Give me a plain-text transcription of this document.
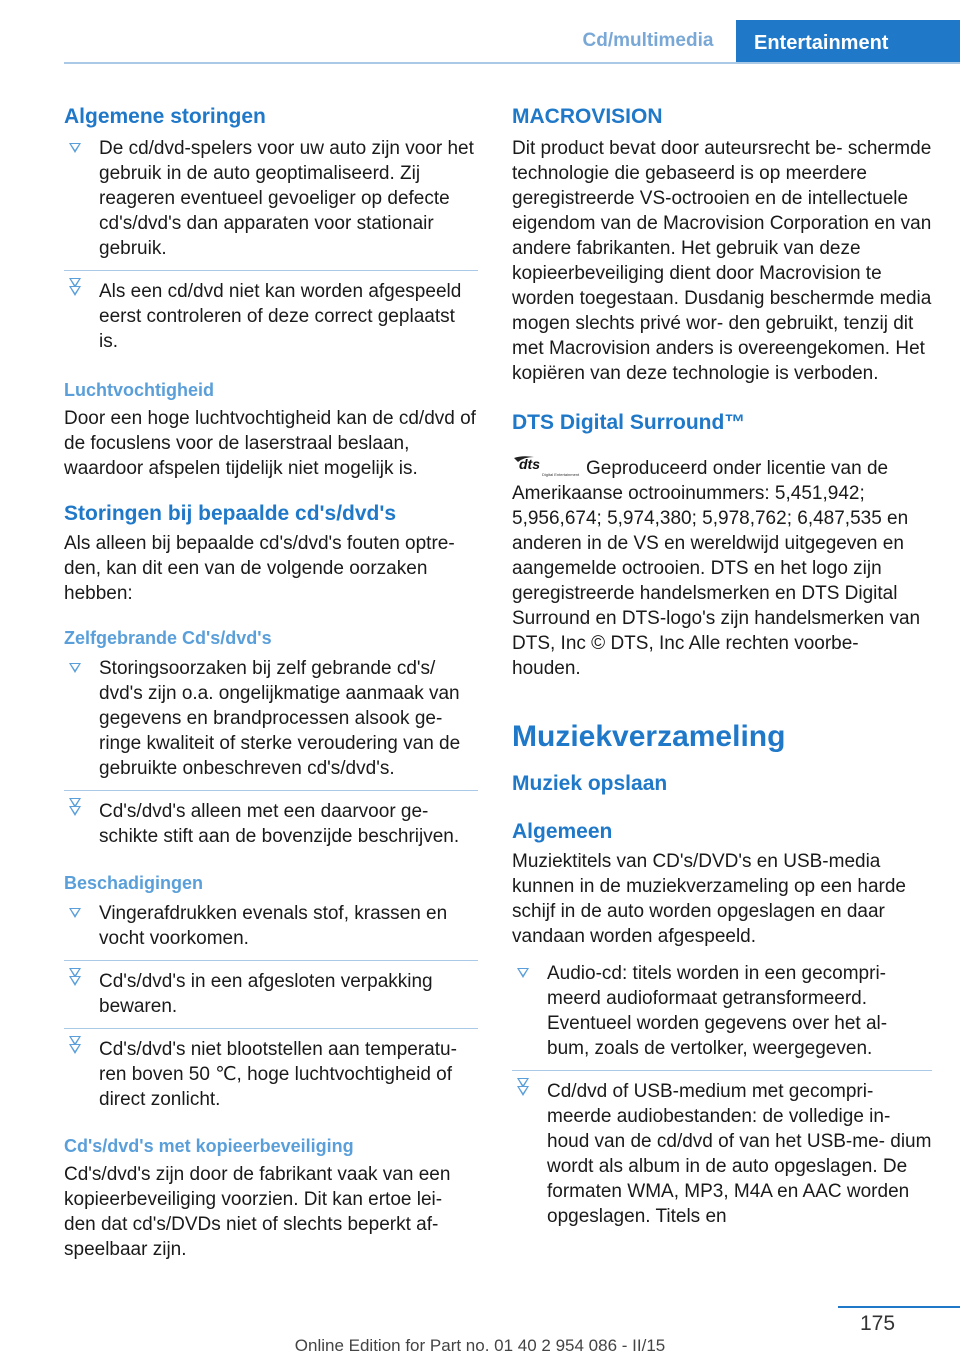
Cd/multimedia	Entertainment
Algemene storingen
De cd/dvd-spelers voor uw auto zijn voor het gebruik in de auto geoptimaliseerd. Zij reageren eventueel gevoeliger op defecte cd's/dvd's dan apparaten voor stationair gebruik.
Als een cd/dvd niet kan worden afgespeeld eerst controleren of deze correct geplaatst is.
Luchtvochtigheid

Door een hoge luchtvochtigheid kan de cd/dvd of de focuslens voor de laserstraal beslaan, waardoor afspelen tijdelijk niet mogelijk is.

Storingen bij bepaalde cd's/dvd's

Als alleen bij bepaalde cd's/dvd's fouten optre- den, kan dit een van de volgende oorzaken hebben:

Zelfgebrande Cd's/dvd's
Storingsoorzaken bij zelf gebrande cd's/ dvd's zijn o.a. ongelijkmatige aanmaak van gegevens en brandprocessen alsook ge- ringe kwaliteit of sterke veroudering van de gebruikte onbeschreven cd's/dvd's.
Cd's/dvd's alleen met een daarvoor ge- schikte stift aan de bovenzijde beschrijven.
Beschadigingen
Vingerafdrukken evenals stof, krassen en vocht voorkomen.
Cd's/dvd's in een afgesloten verpakking bewaren.
Cd's/dvd's niet blootstellen aan temperatu- ren boven 50 ℃, hoge luchtvochtigheid of direct zonlicht.
Cd's/dvd's met kopieerbeveiliging

Cd's/dvd's zijn door de fabrikant vaak van een kopieerbeveiliging voorzien. Dit kan ertoe lei- den dat cd's/DVDs niet of slechts beperkt af- speelbaar zijn.

MACROVISION

Dit product bevat door auteursrecht be- schermde technologie die gebaseerd is op meerdere geregistreerde VS-octrooien en de intellectuele eigendom van de Macrovision Corporation en van andere fabrikanten. Het gebruik van deze kopieerbeveiliging dient door Macrovision te worden toegestaan. Dusdanig beschermde media mogen slechts privé wor- den gebruikt, tenzij dit met Macrovision anders is overeengekomen. Het kopiëren van deze technologie is verboden.

DTS Digital Surround™

dts
Digital Entertainment Geproduceerd onder licentie van de Amerikaanse octrooinummers: 5,451,942; 5,956,674; 5,974,380; 5,978,762; 6,487,535 en anderen in de VS en wereldwijd uitgegeven en aangemelde octrooien. DTS en het logo zijn geregistreerde handelsmerken en DTS Digital Surround en DTS-logo's zijn handelsmerken van DTS, Inc © DTS, Inc Alle rechten voorbe- houden.

Muziekverzameling
Muziek opslaan
Algemeen

Muziektitels van CD's/DVD's en USB-media kunnen in de muziekverzameling op een harde schijf in de auto worden opgeslagen en daar vandaan worden afgespeeld.

Audio-cd: titels worden in een gecompri- meerd audioformaat getransformeerd. Eventueel worden gegevens over het al- bum, zoals de vertolker, weergegeven.
Cd/dvd of USB-medium met gecompri- meerde audiobestanden: de volledige in- houd van de cd/dvd of van het USB-me- dium wordt als album in de auto opgeslagen. De formaten WMA, MP3, M4A en AAC worden opgeslagen. Titels en
175
Online Edition for Part no. 01 40 2 954 086 - II/15
